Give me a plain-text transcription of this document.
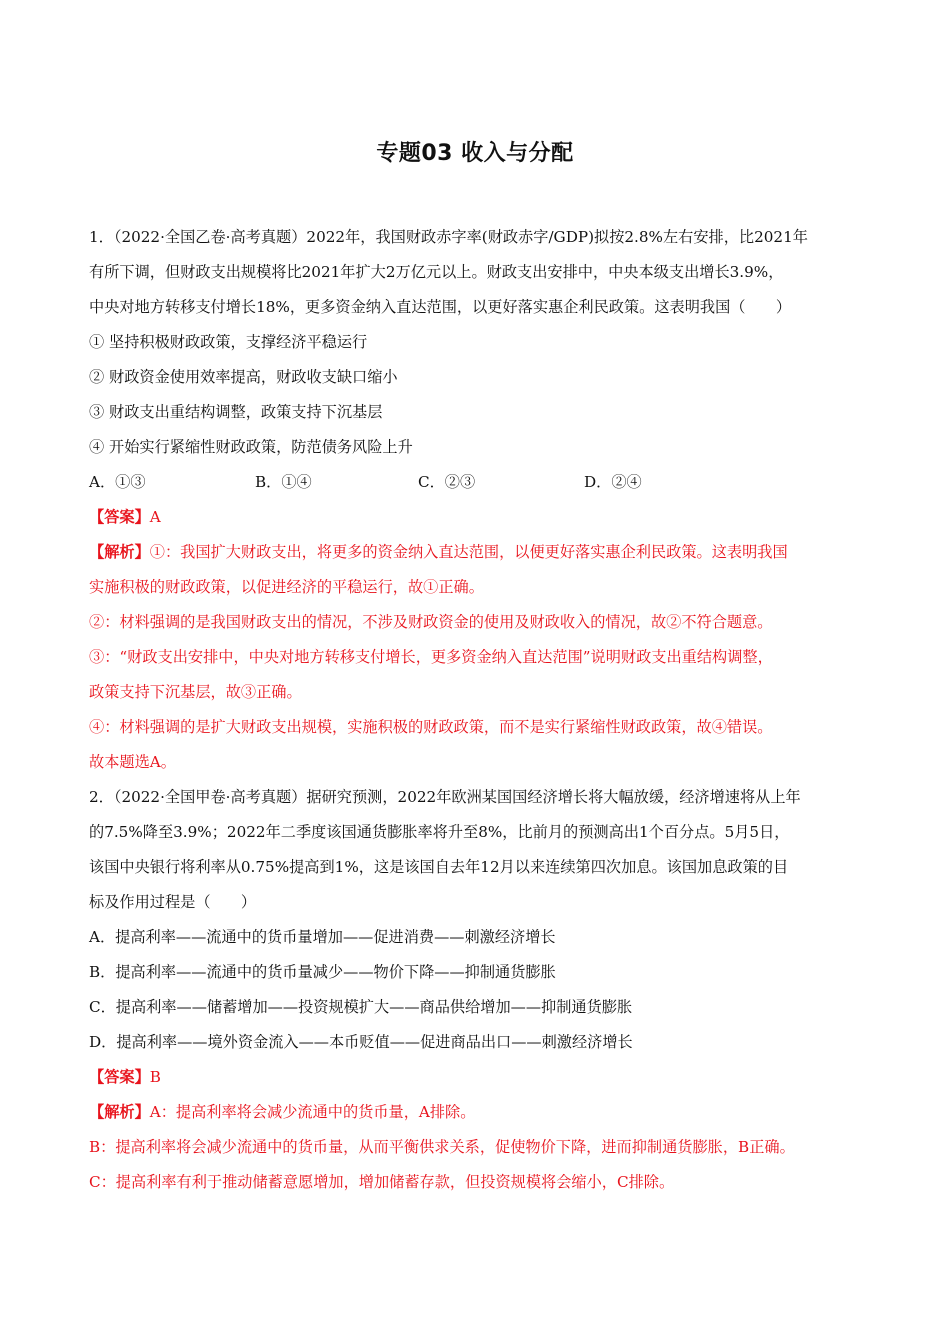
专题03 收入与分配
1．（2022·全国乙卷·高考真题）2022年，我国财政赤字率(财政赤字/GDP)拟按2.8%左右安排，比2021年
有所下调，但财政支出规模将比2021年扩大2万亿元以上。财政支出安排中，中央本级支出增长3.9%，
中央对地方转移支付增长18%，更多资金纳入直达范围，以更好落实惠企利民政策。这表明我国（　　）
① 坚持积极财政政策，支撑经济平稳运行
② 财政资金使用效率提高，财政收支缺口缩小
③ 财政支出重结构调整，政策支持下沉基层
④ 开始实行紧缩性财政政策，防范债务风险上升
A．①③	B．①④	C．②③	D．②④
【答案】A
【解析】①：我国扩大财政支出，将更多的资金纳入直达范围，以便更好落实惠企利民政策。这表明我国
实施积极的财政政策，以促进经济的平稳运行，故①正确。
②：材料强调的是我国财政支出的情况，不涉及财政资金的使用及财政收入的情况，故②不符合题意。
③：“财政支出安排中，中央对地方转移支付增长，更多资金纳入直达范围”说明财政支出重结构调整，
政策支持下沉基层，故③正确。
④：材料强调的是扩大财政支出规模，实施积极的财政政策，而不是实行紧缩性财政政策，故④错误。
故本题选A。
2．（2022·全国甲卷·高考真题）据研究预测，2022年欧洲某国国经济增长将大幅放缓，经济增速将从上年
的7.5%降至3.9%；2022年二季度该国通货膨胀率将升至8%，比前月的预测高出1个百分点。5月5日，
该国中央银行将利率从0.75%提高到1%，这是该国自去年12月以来连续第四次加息。该国加息政策的目
标及作用过程是（　　）
A．提高利率——流通中的货币量增加——促进消费——刺激经济增长
B．提高利率——流通中的货币量减少——物价下降——抑制通货膨胀
C．提高利率——储蓄增加——投资规模扩大——商品供给增加——抑制通货膨胀
D．提高利率——境外资金流入——本币贬值——促进商品出口——刺激经济增长
【答案】B
【解析】A：提高利率将会减少流通中的货币量，A排除。
B：提高利率将会减少流通中的货币量，从而平衡供求关系，促使物价下降，进而抑制通货膨胀，B正确。
C：提高利率有利于推动储蓄意愿增加，增加储蓄存款，但投资规模将会缩小，C排除。
